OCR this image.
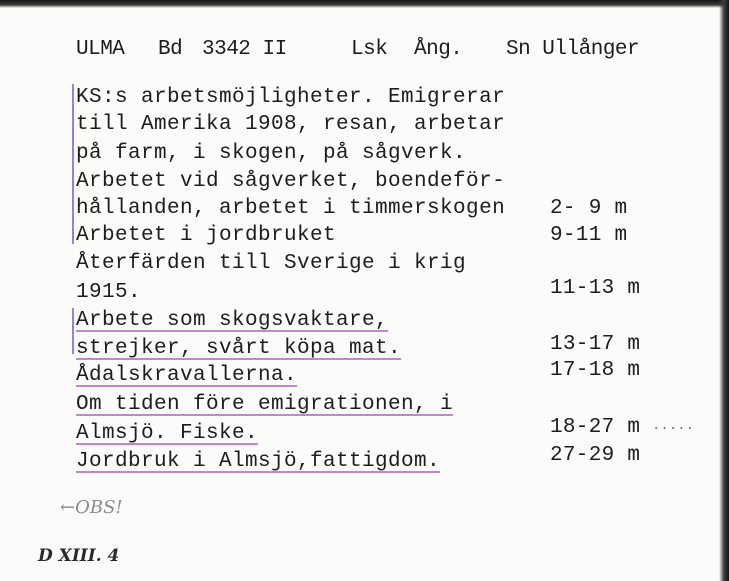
ULMA Bd 3342 II	Lsk Ång. Sn Ullånger
KS:s arbetsmöjligheter. Emigrerar
till Amerika 1908, resan, arbetar
på farm, i skogen, på sågverk.
Arbetet vid sågverket, boendeför-
hållanden, arbetet i timmerskogen 2- 9 m
Arbetet i jordbruket	9-11 m
Återfärden till Sverige i krig
1915.	11-13 m
Arbete som skogsvaktare,
strejker, svårt köpa mat.	13-17 m
Ådalskravallerna.	17-18 m
Om tiden före emigrationen, i
Almsjö. Fiske.	18-27 m .....
Jordbruk i Almsjö,fattigdom.	27-29 m
←OBS!
D XIII. 4
